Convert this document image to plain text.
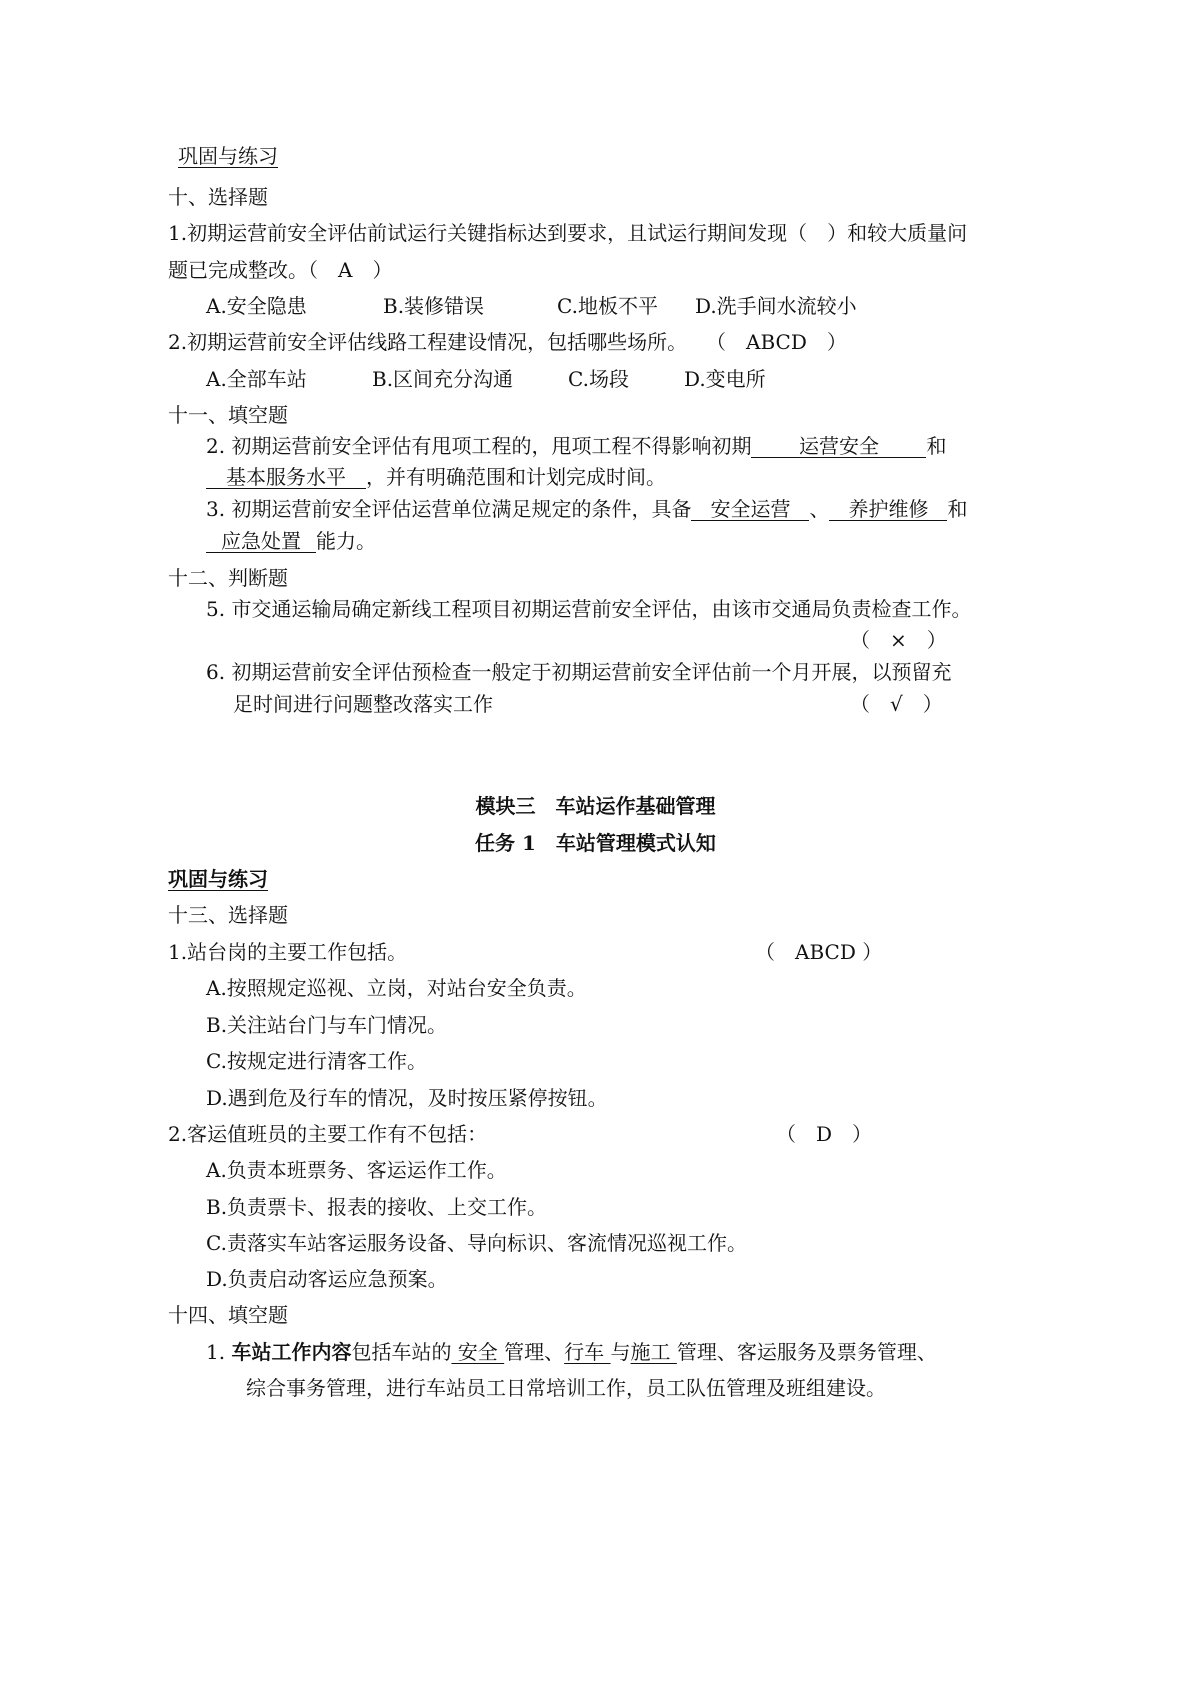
巩固与练习
十、选择题
1.初期运营前安全评估前试运行关键指标达到要求，且试运行期间发现（　）和较大质量问
题已完成整改。（　A　）
A.安全隐患	B.装修错误	C.地板不平 D.洗手间水流较小
2.初期运营前安全评估线路工程建设情况，包括哪些场所。 （　ABCD　）
A.全部车站	B.区间充分沟通	C.场段	D.变电所
十一、填空题
2. 初期运营前安全评估有甩项工程的，甩项工程不得影响初期 运营安全 和
基本服务水平 ，并有明确范围和计划完成时间。
3. 初期运营前安全评估运营单位满足规定的条件，具备 安全运营 、 养护维修 和
应急处置 能力。
十二、判断题
5. 市交通运输局确定新线工程项目初期运营前安全评估，由该市交通局负责检查工作。
（　×　）
6. 初期运营前安全评估预检查一般定于初期运营前安全评估前一个月开展，以预留充
足时间进行问题整改落实工作	（　√　）
模块三　车站运作基础管理
任务 1　车站管理模式认知
巩固与练习
十三、选择题
1.站台岗的主要工作包括。	（　ABCD ）
A.按照规定巡视、立岗，对站台安全负责。
B.关注站台门与车门情况。
C.按规定进行清客工作。
D.遇到危及行车的情况，及时按压紧停按钮。
2.客运值班员的主要工作有不包括：	（　D　）
A.负责本班票务、客运运作工作。
B.负责票卡、报表的接收、上交工作。
C.责落实车站客运服务设备、导向标识、客流情况巡视工作。
D.负责启动客运应急预案。
十四、填空题
1. 车站工作内容包括车站的 安全 管理、行车 与施工 管理、客运服务及票务管理、
综合事务管理，进行车站员工日常培训工作，员工队伍管理及班组建设。
